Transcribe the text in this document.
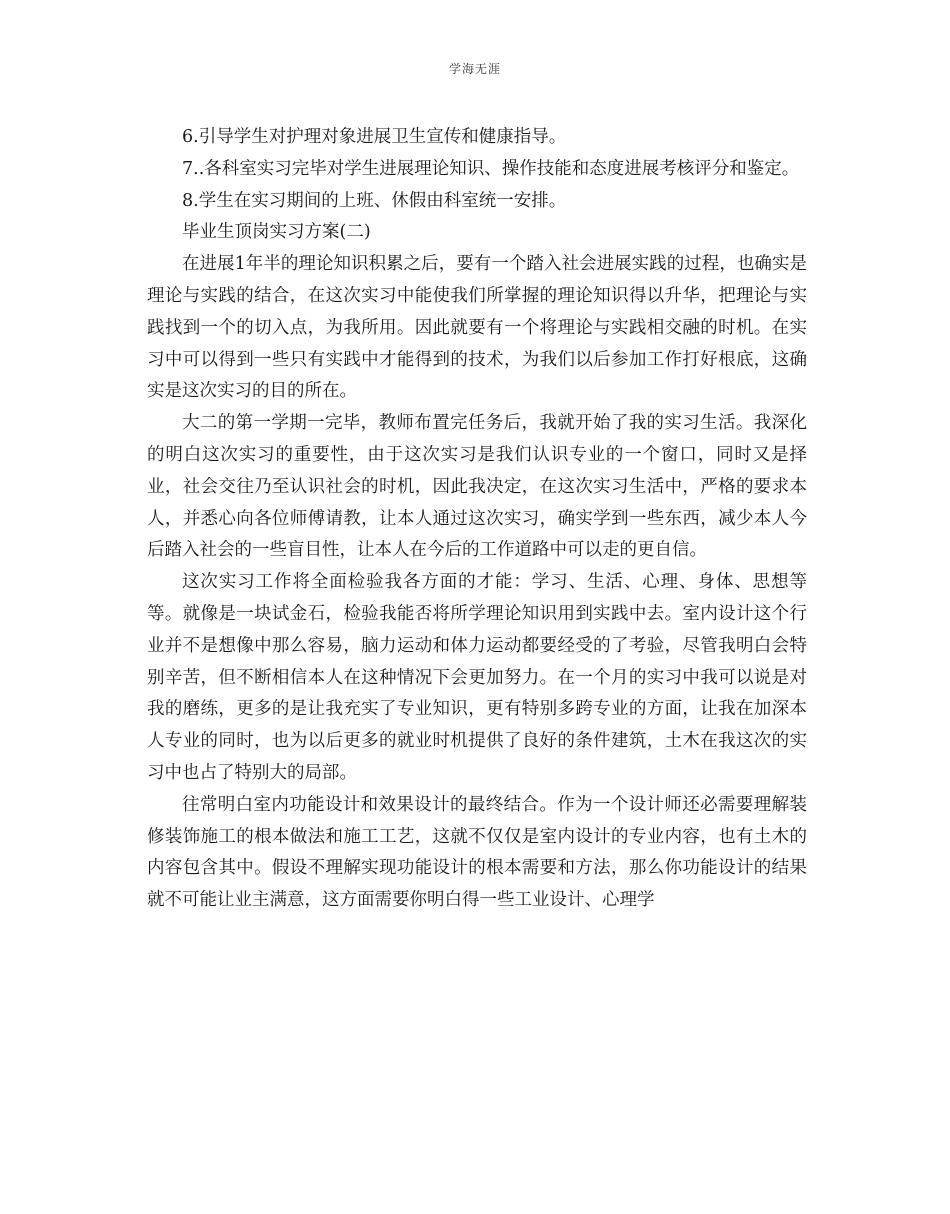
学海无涯

6.引导学生对护理对象进展卫生宣传和健康指导。

7..各科室实习完毕对学生进展理论知识、操作技能和态度进展考核评分和鉴定。

8.学生在实习期间的上班、休假由科室统一安排。

毕业生顶岗实习方案(二)

在进展1年半的理论知识积累之后，要有一个踏入社会进展实践的过程，也确实是理论与实践的结合，在这次实习中能使我们所掌握的理论知识得以升华，把理论与实践找到一个的切入点，为我所用。因此就要有一个将理论与实践相交融的时机。在实习中可以得到一些只有实践中才能得到的技术，为我们以后参加工作打好根底，这确实是这次实习的目的所在。

大二的第一学期一完毕，教师布置完任务后，我就开始了我的实习生活。我深化的明白这次实习的重要性，由于这次实习是我们认识专业的一个窗口，同时又是择业，社会交往乃至认识社会的时机，因此我决定，在这次实习生活中，严格的要求本人，并悉心向各位师傅请教，让本人通过这次实习，确实学到一些东西，减少本人今后踏入社会的一些盲目性，让本人在今后的工作道路中可以走的更自信。

这次实习工作将全面检验我各方面的才能：学习、生活、心理、身体、思想等等。就像是一块试金石，检验我能否将所学理论知识用到实践中去。室内设计这个行业并不是想像中那么容易，脑力运动和体力运动都要经受的了考验，尽管我明白会特别辛苦，但不断相信本人在这种情况下会更加努力。在一个月的实习中我可以说是对我的磨练，更多的是让我充实了专业知识，更有特别多跨专业的方面，让我在加深本人专业的同时，也为以后更多的就业时机提供了良好的条件建筑，土木在我这次的实习中也占了特别大的局部。

往常明白室内功能设计和效果设计的最终结合。作为一个设计师还必需要理解装修装饰施工的根本做法和施工工艺，这就不仅仅是室内设计的专业内容，也有土木的内容包含其中。假设不理解实现功能设计的根本需要和方法，那么你功能设计的结果就不可能让业主满意，这方面需要你明白得一些工业设计、心理学
